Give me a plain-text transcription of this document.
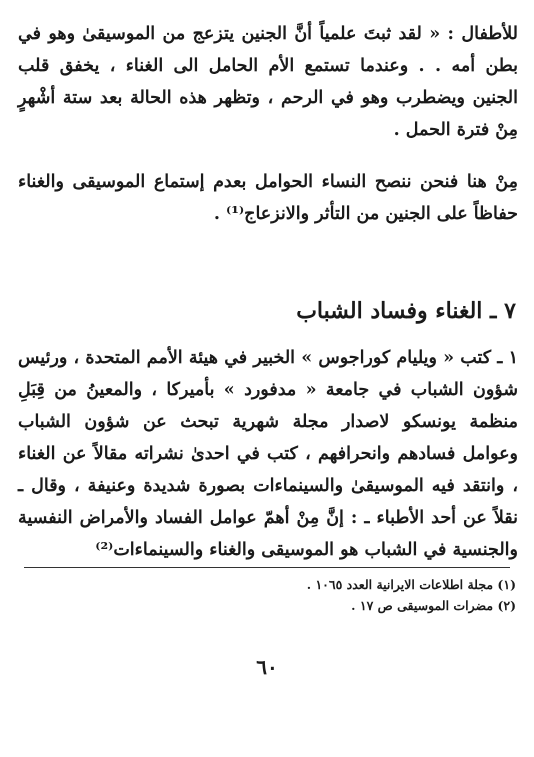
للأطفال : « لقد ثبتَ علمياً أنَّ الجنين يتزعج من الموسيقىٰ وهو في بطن أمه . . وعندما تستمع الأم الحامل الى الغناء ، يخفق قلب الجنين ويضطرب وهو في الرحم ، وتظهر هذه الحالة بعد ستة أشْهرٍ مِنْ فترة الحمل .

مِنْ هنا فنحن ننصح النساء الحوامل بعدم إستماع الموسيقى والغناء حفاظاً على الجنين من التأثر والانزعاج⁽¹⁾ .

٧ ـ الغناء وفساد الشباب

١ ـ كتب « ويليام كوراجوس » الخبير في هيئة الأمم المتحدة ، ورئيس شؤون الشباب في جامعة « مدفورد » بأميركا ، والمعينُ من قِبَلِ منظمة يونسكو لاصدار مجلة شهرية تبحث عن شؤون الشباب وعوامل فسادهم وانحرافهم ، كتب في احدىٰ نشراته مقالاً عن الغناء ، وانتقد فيه الموسيقىٰ والسينماءات بصورة شديدة وعنيفة ، وقال ـ نقلاً عن أحد الأطباء ـ : إنَّ مِنْ أهمّ عوامل الفساد والأمراض النفسية والجنسية في الشباب هو الموسيقى والغناء والسينماءات⁽²⁾

(١) مجلة اطلاعات الايرانية العدد ١٠٦٥ .
(٢) مضرات الموسيقى ص ١٧ .
٦٠
